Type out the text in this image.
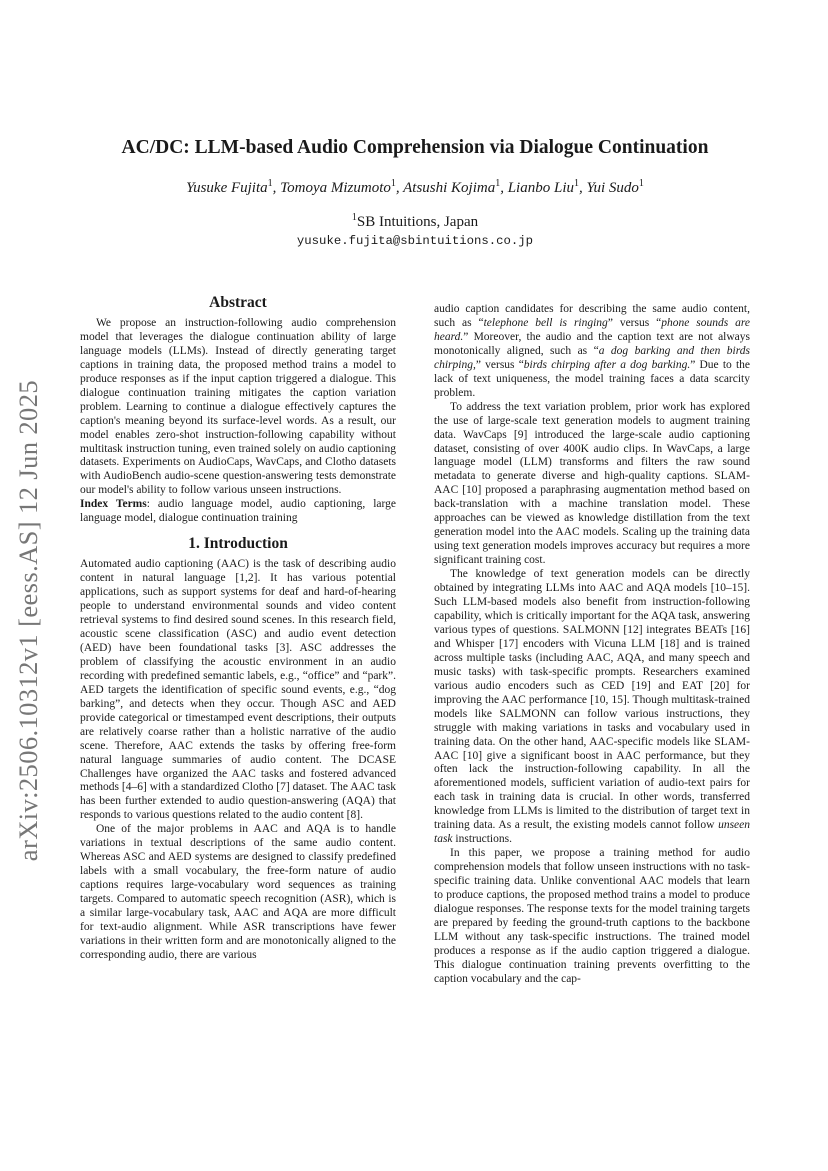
arXiv:2506.10312v1 [eess.AS] 12 Jun 2025
AC/DC: LLM-based Audio Comprehension via Dialogue Continuation
Yusuke Fujita$^1$, Tomoya Mizumoto$^1$, Atsushi Kojima$^1$, Lianbo Liu$^1$, Yui Sudo$^1$
$^1$SB Intuitions, Japan
yusuke.fujita@sbintuitions.co.jp
Abstract

We propose an instruction-following audio comprehension model that leverages the dialogue continuation ability of large language models (LLMs). Instead of directly generating target captions in training data, the proposed method trains a model to produce responses as if the input caption triggered a dialogue. This dialogue continuation training mitigates the caption variation problem. Learning to continue a dialogue effectively captures the caption's meaning beyond its surface-level words. As a result, our model enables zero-shot instruction-following capability without multitask instruction tuning, even trained solely on audio captioning datasets. Experiments on AudioCaps, WavCaps, and Clotho datasets with AudioBench audio-scene question-answering tests demonstrate our model's ability to follow various unseen instructions.

Index Terms: audio language model, audio captioning, large language model, dialogue continuation training

1. Introduction

Automated audio captioning (AAC) is the task of describing audio content in natural language [1,2]. It has various potential applications, such as support systems for deaf and hard-of-hearing people to understand environmental sounds and video content retrieval systems to find desired sound scenes. In this research field, acoustic scene classification (ASC) and audio event detection (AED) have been foundational tasks [3]. ASC addresses the problem of classifying the acoustic environment in an audio recording with predefined semantic labels, e.g., “office” and “park”. AED targets the identification of specific sound events, e.g., “dog barking”, and detects when they occur. Though ASC and AED provide categorical or timestamped event descriptions, their outputs are relatively coarse rather than a holistic narrative of the audio scene. Therefore, AAC extends the tasks by offering free-form natural language summaries of audio content. The DCASE Challenges have organized the AAC tasks and fostered advanced methods [4–6] with a standardized Clotho [7] dataset. The AAC task has been further extended to audio question-answering (AQA) that responds to various questions related to the audio content [8].

One of the major problems in AAC and AQA is to handle variations in textual descriptions of the same audio content. Whereas ASC and AED systems are designed to classify predefined labels with a small vocabulary, the free-form nature of audio captions requires large-vocabulary word sequences as training targets. Compared to automatic speech recognition (ASR), which is a similar large-vocabulary task, AAC and AQA are more difficult for text-audio alignment. While ASR transcriptions have fewer variations in their written form and are monotonically aligned to the corresponding audio, there are various

audio caption candidates for describing the same audio content, such as “telephone bell is ringing” versus “phone sounds are heard.” Moreover, the audio and the caption text are not always monotonically aligned, such as “a dog barking and then birds chirping,” versus “birds chirping after a dog barking.” Due to the lack of text uniqueness, the model training faces a data scarcity problem.

To address the text variation problem, prior work has explored the use of large-scale text generation models to augment training data. WavCaps [9] introduced the large-scale audio captioning dataset, consisting of over 400K audio clips. In WavCaps, a large language model (LLM) transforms and filters the raw sound metadata to generate diverse and high-quality captions. SLAM-AAC [10] proposed a paraphrasing augmentation method based on back-translation with a machine translation model. These approaches can be viewed as knowledge distillation from the text generation model into the AAC models. Scaling up the training data using text generation models improves accuracy but requires a more significant training cost.

The knowledge of text generation models can be directly obtained by integrating LLMs into AAC and AQA models [10–15]. Such LLM-based models also benefit from instruction-following capability, which is critically important for the AQA task, answering various types of questions. SALMONN [12] integrates BEATs [16] and Whisper [17] encoders with Vicuna LLM [18] and is trained across multiple tasks (including AAC, AQA, and many speech and music tasks) with task-specific prompts. Researchers examined various audio encoders such as CED [19] and EAT [20] for improving the AAC performance [10, 15]. Though multitask-trained models like SALMONN can follow various instructions, they struggle with making variations in tasks and vocabulary used in training data. On the other hand, AAC-specific models like SLAM-AAC [10] give a significant boost in AAC performance, but they often lack the instruction-following capability. In all the aforementioned models, sufficient variation of audio-text pairs for each task in training data is crucial. In other words, transferred knowledge from LLMs is limited to the distribution of target text in training data. As a result, the existing models cannot follow unseen task instructions.

In this paper, we propose a training method for audio comprehension models that follow unseen instructions with no task-specific training data. Unlike conventional AAC models that learn to produce captions, the proposed method trains a model to produce dialogue responses. The response texts for the model training targets are prepared by feeding the ground-truth captions to the backbone LLM without any task-specific instructions. The trained model produces a response as if the audio caption triggered a dialogue. This dialogue continuation training prevents overfitting to the caption vocabulary and the cap-
